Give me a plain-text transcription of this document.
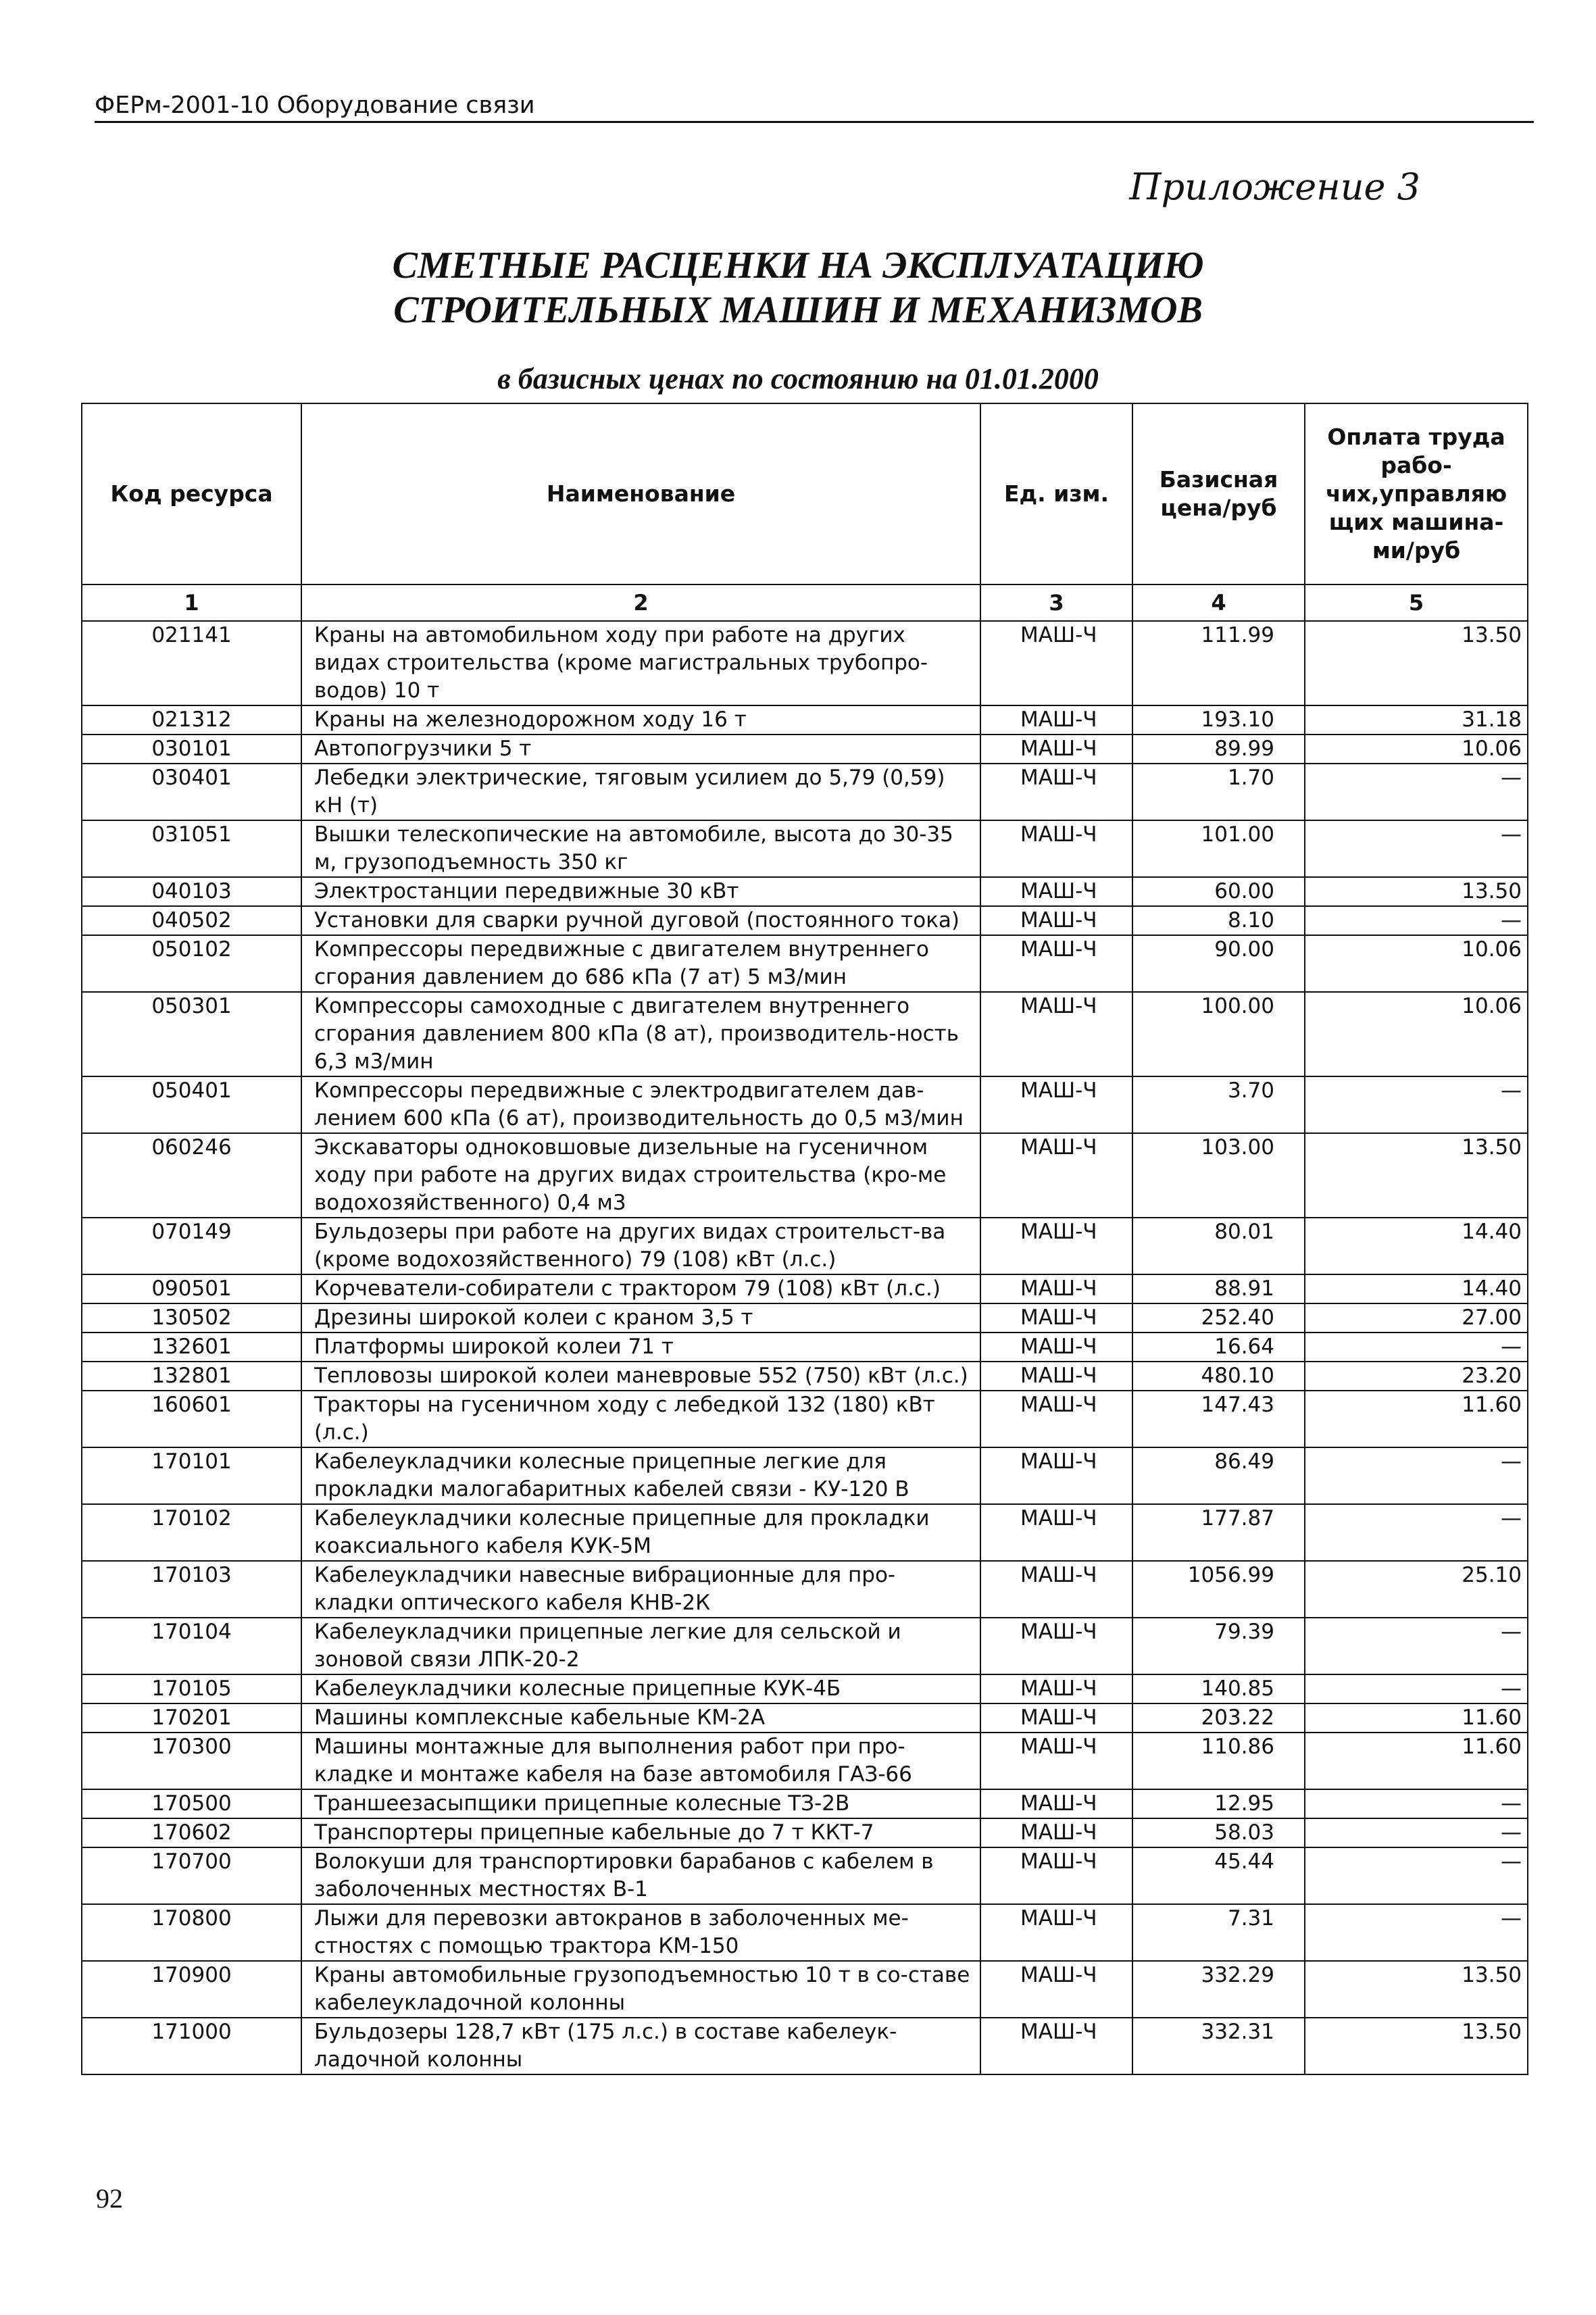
ФЕРм-2001-10 Оборудование связи
Приложение 3
СМЕТНЫЕ РАСЦЕНКИ НА ЭКСПЛУАТАЦИЮ
СТРОИТЕЛЬНЫХ МАШИН И МЕХАНИЗМОВ
в базисных ценах по состоянию на 01.01.2000
Код ресурса	Наименование	Ед. изм.	Базисная цена/руб	Оплата труда рабо-чих,управляю щих машина-ми/руб
1	2	3	4	5
021141	Краны на автомобильном ходу при работе на других видах строительства (кроме магистральных трубопро-водов) 10 т	МАШ-Ч	111.99	13.50
021312	Краны на железнодорожном ходу 16 т	МАШ-Ч	193.10	31.18
030101	Автопогрузчики 5 т	МАШ-Ч	89.99	10.06
030401	Лебедки электрические, тяговым усилием до 5,79 (0,59) кН (т)	МАШ-Ч	1.70	—
031051	Вышки телескопические на автомобиле, высота до 30-35 м, грузоподъемность 350 кг	МАШ-Ч	101.00	—
040103	Электростанции передвижные 30 кВт	МАШ-Ч	60.00	13.50
040502	Установки для сварки ручной дуговой (постоянного тока)	МАШ-Ч	8.10	—
050102	Компрессоры передвижные с двигателем внутреннего сгорания давлением до 686 кПа (7 ат) 5 м3/мин	МАШ-Ч	90.00	10.06
050301	Компрессоры самоходные с двигателем внутреннего сгорания давлением 800 кПа (8 ат), производитель-ность 6,3 м3/мин	МАШ-Ч	100.00	10.06
050401	Компрессоры передвижные с электродвигателем дав-лением 600 кПа (6 ат), производительность до 0,5 м3/мин	МАШ-Ч	3.70	—
060246	Экскаваторы одноковшовые дизельные на гусеничном ходу при работе на других видах строительства (кро-ме водохозяйственного) 0,4 м3	МАШ-Ч	103.00	13.50
070149	Бульдозеры при работе на других видах строительст-ва (кроме водохозяйственного) 79 (108) кВт (л.с.)	МАШ-Ч	80.01	14.40
090501	Корчеватели-собиратели с трактором 79 (108) кВт (л.с.)	МАШ-Ч	88.91	14.40
130502	Дрезины широкой колеи с краном 3,5 т	МАШ-Ч	252.40	27.00
132601	Платформы широкой колеи 71 т	МАШ-Ч	16.64	—
132801	Тепловозы широкой колеи маневровые 552 (750) кВт (л.с.)	МАШ-Ч	480.10	23.20
160601	Тракторы на гусеничном ходу с лебедкой 132 (180) кВт (л.с.)	МАШ-Ч	147.43	11.60
170101	Кабелеукладчики колесные прицепные легкие для прокладки малогабаритных кабелей связи - КУ-120 В	МАШ-Ч	86.49	—
170102	Кабелеукладчики колесные прицепные для прокладки коаксиального кабеля КУК-5М	МАШ-Ч	177.87	—
170103	Кабелеукладчики навесные вибрационные для про-кладки оптического кабеля КНВ-2К	МАШ-Ч	1056.99	25.10
170104	Кабелеукладчики прицепные легкие для сельской и зоновой связи ЛПК-20-2	МАШ-Ч	79.39	—
170105	Кабелеукладчики колесные прицепные КУК-4Б	МАШ-Ч	140.85	—
170201	Машины комплексные кабельные КМ-2А	МАШ-Ч	203.22	11.60
170300	Машины монтажные для выполнения работ при про-кладке и монтаже кабеля на базе автомобиля ГАЗ-66	МАШ-Ч	110.86	11.60
170500	Траншеезасыпщики прицепные колесные ТЗ-2В	МАШ-Ч	12.95	—
170602	Транспортеры прицепные кабельные до 7 т ККТ-7	МАШ-Ч	58.03	—
170700	Волокуши для транспортировки барабанов с кабелем в заболоченных местностях В-1	МАШ-Ч	45.44	—
170800	Лыжи для перевозки автокранов в заболоченных ме-стностях с помощью трактора КМ-150	МАШ-Ч	7.31	—
170900	Краны автомобильные грузоподъемностью 10 т в со-ставе кабелеукладочной колонны	МАШ-Ч	332.29	13.50
171000	Бульдозеры 128,7 кВт (175 л.с.) в составе кабелеук-ладочной колонны	МАШ-Ч	332.31	13.50
92
